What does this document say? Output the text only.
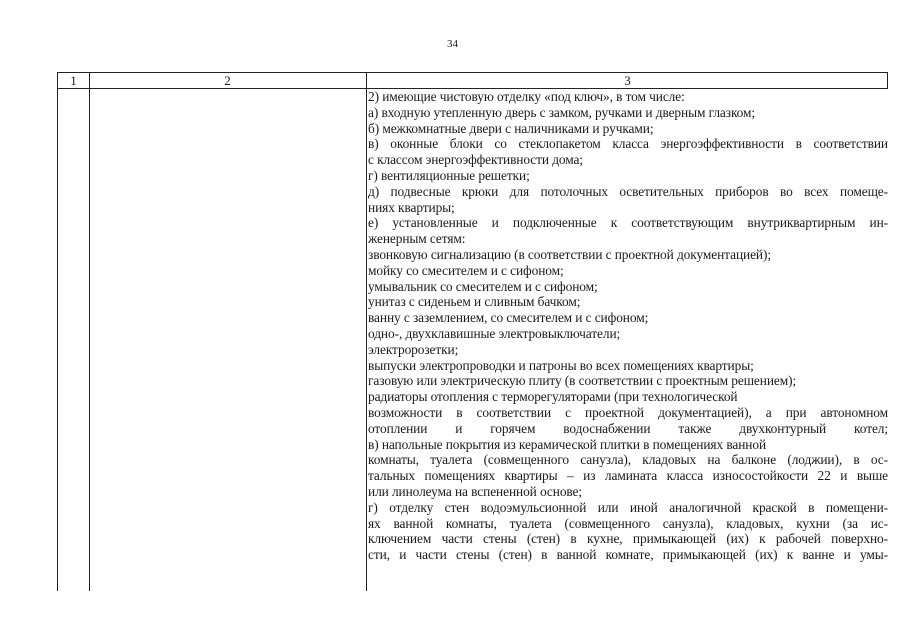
34
1	2	3
2) имеющие чистовую отделку «под ключ», в том числе:
а) входную утепленную дверь с замком, ручками и дверным глазком;
б) межкомнатные двери с наличниками и ручками;
в) оконные блоки со стеклопакетом класса энергоэффективности в соответствии
с классом энергоэффективности дома;
г) вентиляционные решетки;
д) подвесные крюки для потолочных осветительных приборов во всех помеще-
ниях квартиры;
е) установленные и подключенные к соответствующим внутриквартирным ин-
женерным сетям:
звонковую сигнализацию (в соответствии с проектной документацией);
мойку со смесителем и с сифоном;
умывальник со смесителем и с сифоном;
унитаз с сиденьем и сливным бачком;
ванну с заземлением, со смесителем и с сифоном;
одно-, двухклавишные электровыключатели;
электророзетки;
выпуски электропроводки и патроны во всех помещениях квартиры;
газовую или электрическую плиту (в соответствии с проектным решением);
радиаторы отопления с терморегуляторами (при технологической
возможности в соответствии с проектной документацией), а при автономном
отоплении и горячем водоснабжении также двухконтурный котел;
в) напольные покрытия из керамической плитки в помещениях ванной
комнаты, туалета (совмещенного санузла), кладовых на балконе (лоджии), в ос-
тальных помещениях квартиры – из ламината класса износостойкости 22 и выше
или линолеума на вспененной основе;
г) отделку стен водоэмульсионной или иной аналогичной краской в помещени-
ях ванной комнаты, туалета (совмещенного санузла), кладовых, кухни (за ис-
ключением части стены (стен) в кухне, примыкающей (их) к рабочей поверхно-
сти, и части стены (стен) в ванной комнате, примыкающей (их) к ванне и умы-
